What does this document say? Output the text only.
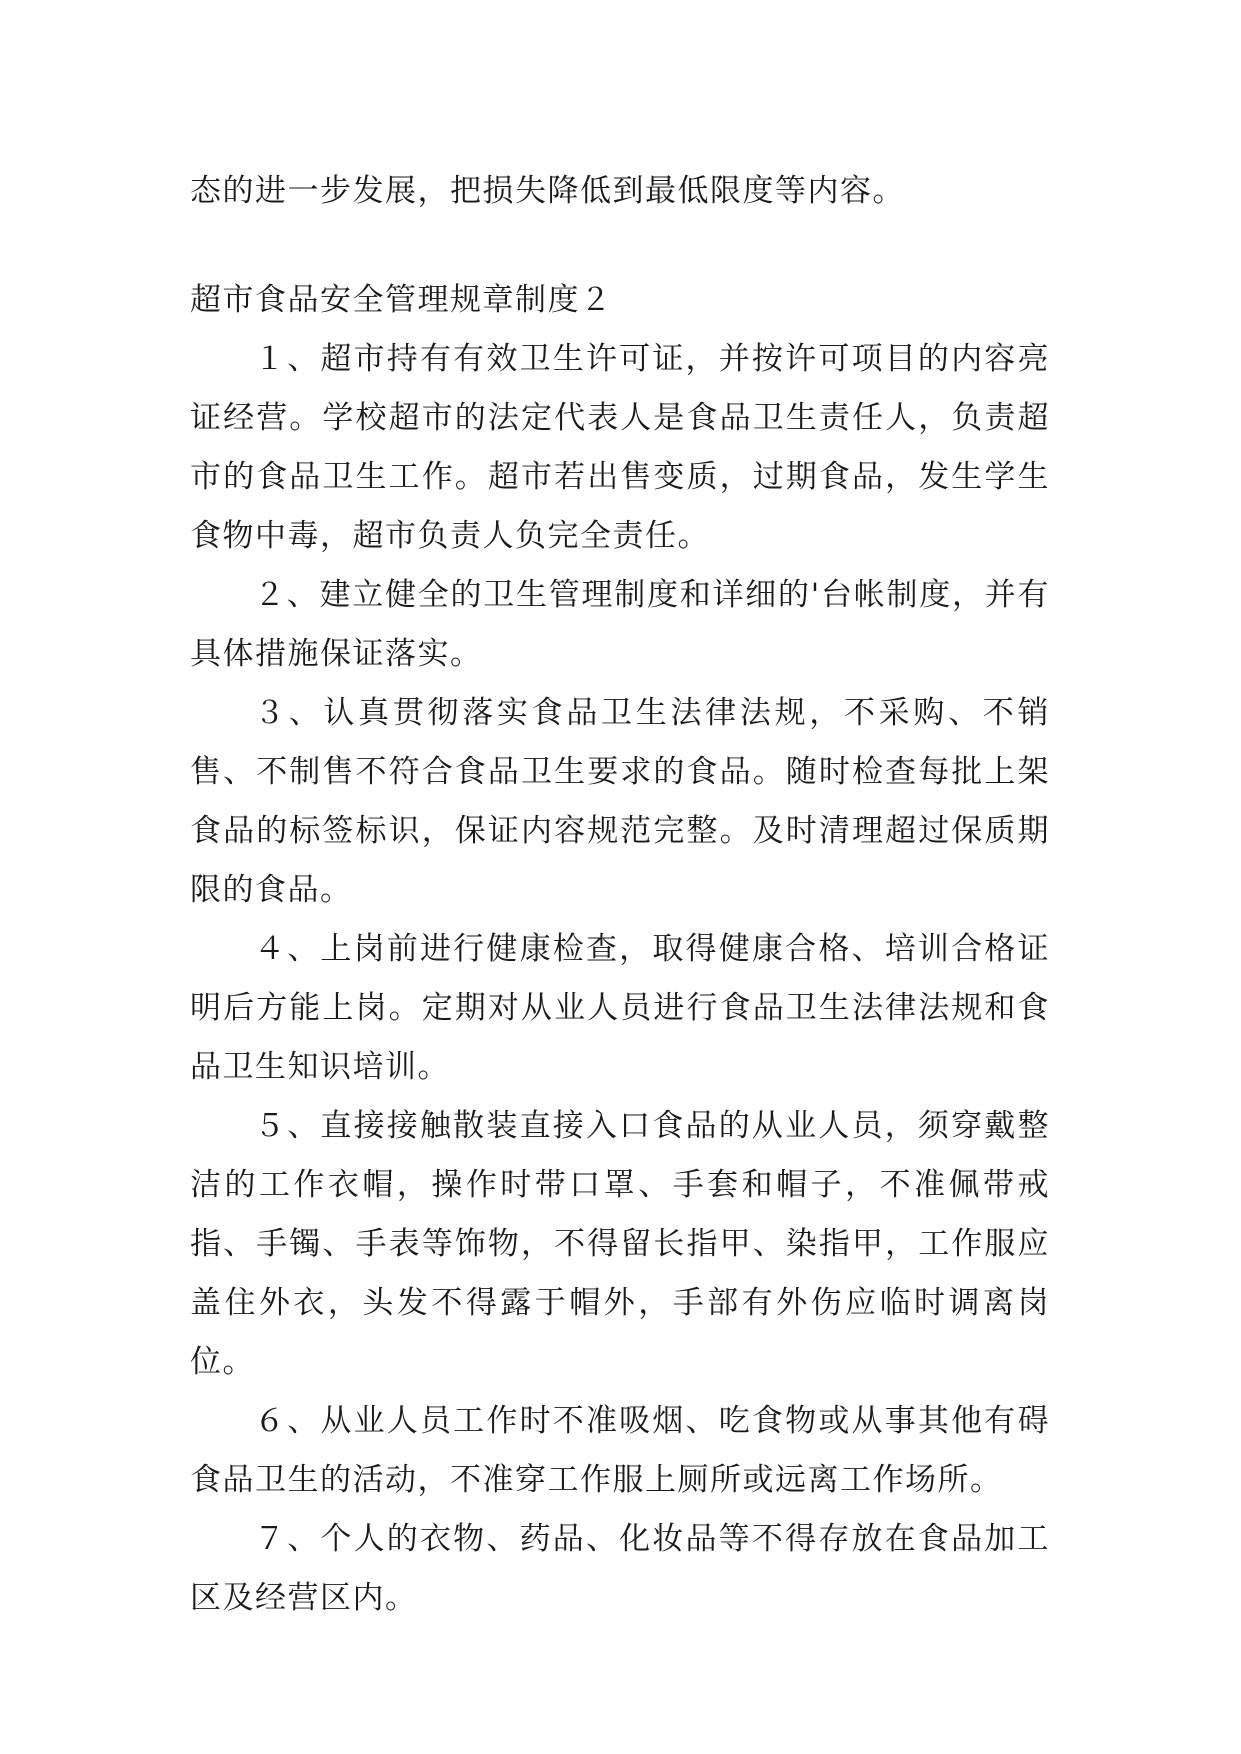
态的进一步发展，把损失降低到最低限度等内容。

超市食品安全管理规章制度２

１、超市持有有效卫生许可证，并按许可项目的内容亮证经营。学校超市的法定代表人是食品卫生责任人，负责超市的食品卫生工作。超市若出售变质，过期食品，发生学生食物中毒，超市负责人负完全责任。

２、建立健全的卫生管理制度和详细的'台帐制度，并有具体措施保证落实。

３、认真贯彻落实食品卫生法律法规，不采购、不销售、不制售不符合食品卫生要求的食品。随时检查每批上架食品的标签标识，保证内容规范完整。及时清理超过保质期限的食品。

４、上岗前进行健康检查，取得健康合格、培训合格证明后方能上岗。定期对从业人员进行食品卫生法律法规和食品卫生知识培训。

５、直接接触散装直接入口食品的从业人员，须穿戴整洁的工作衣帽，操作时带口罩、手套和帽子，不准佩带戒指、手镯、手表等饰物，不得留长指甲、染指甲，工作服应盖住外衣，头发不得露于帽外，手部有外伤应临时调离岗位。

６、从业人员工作时不准吸烟、吃食物或从事其他有碍食品卫生的活动，不准穿工作服上厕所或远离工作场所。

７、个人的衣物、药品、化妆品等不得存放在食品加工区及经营区内。
